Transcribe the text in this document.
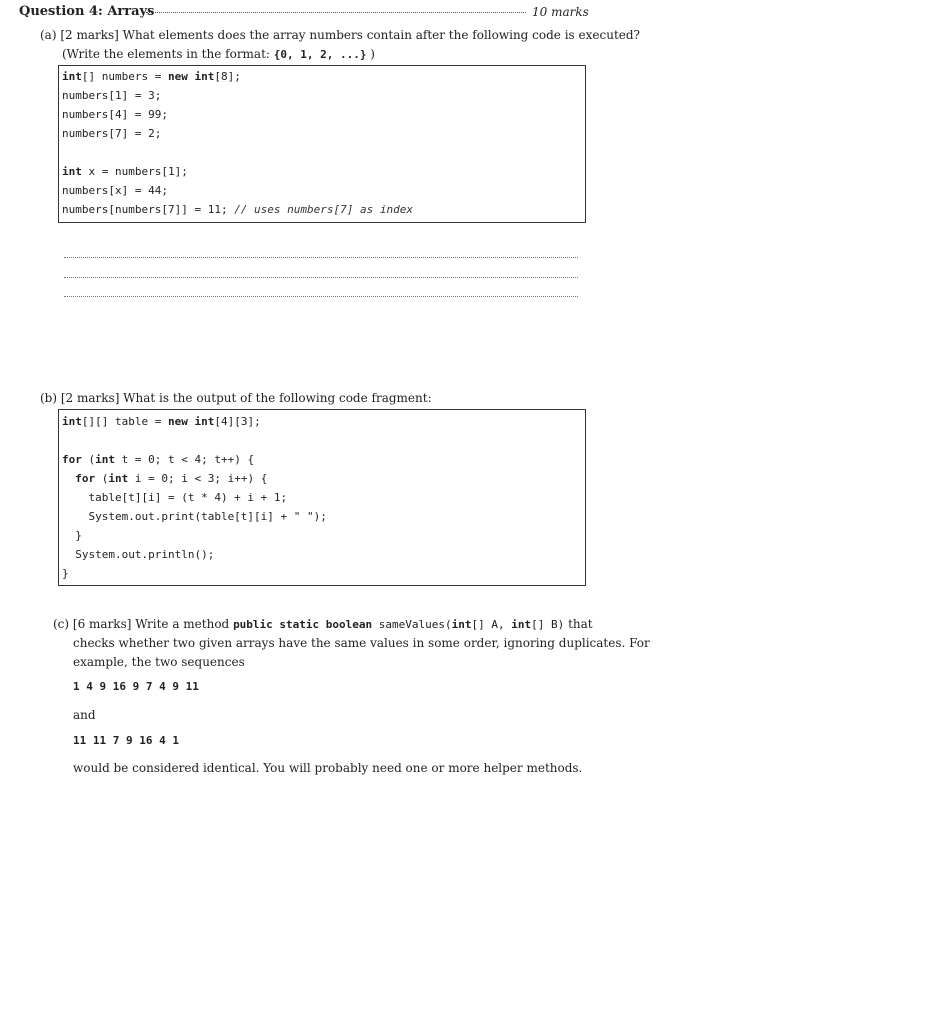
Question 4: Arrays	10 marks
(a) [2 marks] What elements does the array numbers contain after the following code is executed?
(Write the elements in the format: {0, 1, 2, ...} )
int[] numbers = new int[8];
numbers[1] = 3;
numbers[4] = 99;
numbers[7] = 2;
int x = numbers[1];
numbers[x] = 44;
numbers[numbers[7]] = 11; // uses numbers[7] as index
(b) [2 marks] What is the output of the following code fragment:
int[][] table = new int[4][3];
for (int t = 0; t < 4; t++) {
for (int i = 0; i < 3; i++) {
table[t][i] = (t * 4) + i + 1;
System.out.print(table[t][i] + " ");
}
System.out.println();
}
(c) [6 marks] Write a method public static boolean sameValues(int[] A, int[] B) that
checks whether two given arrays have the same values in some order, ignoring duplicates. For
example, the two sequences
1 4 9 16 9 7 4 9 11
and
11 11 7 9 16 4 1
would be considered identical. You will probably need one or more helper methods.
